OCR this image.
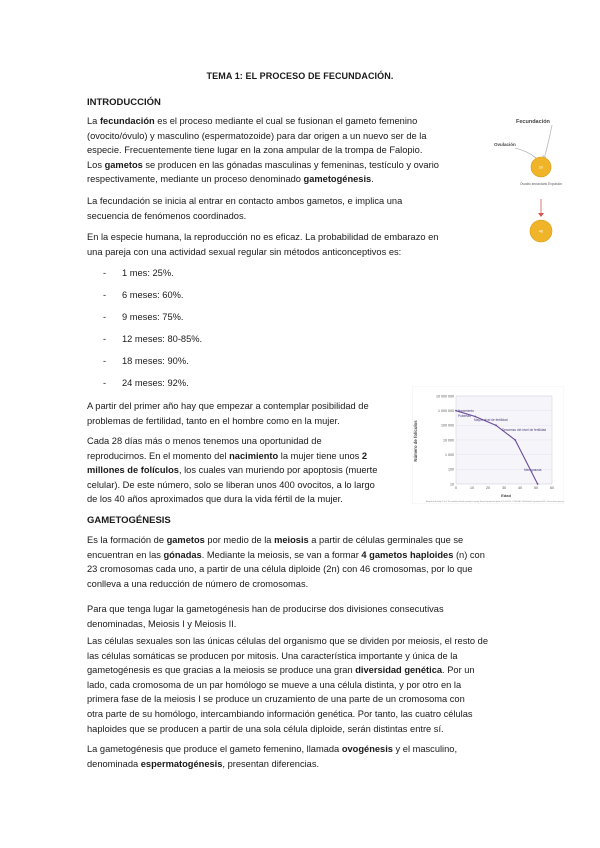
TEMA 1: EL PROCESO DE FECUNDACIÓN.
INTRODUCCIÓN
La fecundación es el proceso mediante el cual se fusionan el gameto femenino
(ovocito/óvulo) y masculino (espermatozoide) para dar origen a un nuevo ser de la
especie. Frecuentemente tiene lugar en la zona ampular de la trompa de Falopio.
Los gametos se producen en las gónadas masculinas y femeninas, testículo y ovario
respectivamente, mediante un proceso denominado gametogénesis.
La fecundación se inicia al entrar en contacto ambos gametos, e implica una
secuencia de fenómenos coordinados.
En la especie humana, la reproducción no es eficaz. La probabilidad de embarazo en
una pareja con una actividad sexual regular sin métodos anticonceptivos es:
- 1 mes: 25%.
- 6 meses: 60%.
- 9 meses: 75%.
- 12 meses: 80-85%.
- 18 meses: 90%.
- 24 meses: 92%.
A partir del primer año hay que empezar a contemplar posibilidad de
problemas de fertilidad, tanto en el hombre como en la mujer.
Cada 28 días más o menos tenemos una oportunidad de
reproducirnos. En el momento del nacimiento la mujer tiene unos 2
millones de folículos, los cuales van muriendo por apoptosis (muerte
celular). De este número, solo se liberan unos 400 ovocitos, a lo largo
de los 40 años aproximados que dura la vida fértil de la mujer.
GAMETOGÉNESIS
Es la formación de gametos por medio de la meiosis a partir de células germinales que se
encuentran en las gónadas. Mediante la meiosis, se van a formar 4 gametos haploides (n) con
23 cromosomas cada uno, a partir de una célula diploide (2n) con 46 cromosomas, por lo que
conlleva a una reducción de número de cromosomas.
Para que tenga lugar la gametogénesis han de producirse dos divisiones consecutivas
denominadas, Meiosis I y Meiosis II.
Las células sexuales son las únicas células del organismo que se dividen por meiosis, el resto de
las células somáticas se producen por mitosis. Una característica importante y única de la
gametogénesis es que gracias a la meiosis se produce una gran diversidad genética. Por un
lado, cada cromosoma de un par homólogo se mueve a una célula distinta, y por otro en la
primera fase de la meiosis I se produce un cruzamiento de una parte de un cromosoma con
otra parte de su homólogo, intercambiando información genética. Por tanto, las cuatro células
haploides que se producen a partir de una sola célula diploide, serán distintas entre sí.
La gametogénesis que produce el gameto femenino, llamada ovogénesis y el masculino,
denominada espermatogénesis, presentan diferencias.
Fecundación
Ovulación
2n
Ovocito secundario Expulsión
46
10 000 000
1 000 000
100 000
10 000
1 000
100
10
0	10	20	30	40	50	60
Nacimiento
Pubertad
Mayor nivel de fertilidad
Descenso del nivel de fertilidad
Menopausia
Número de folículos
Edad
Adapted de de Faddy JT et al. The variability of female reproductive ageing. Human Reproduction Update 8 (2): 141-154. © 2009 WHO / World Health Organization 2009 - Source: doctor gives you
